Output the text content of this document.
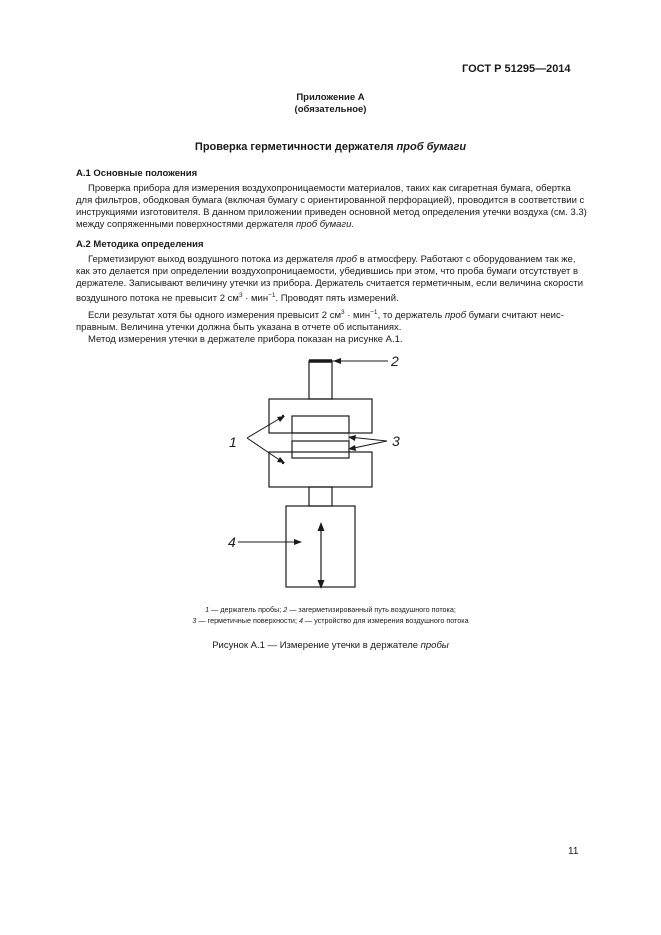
ГОСТ Р 51295—2014
Приложение А
(обязательное)
Проверка герметичности держателя проб бумаги
А.1 Основные положения
Проверка прибора для измерения воздухопроницаемости материалов, таких как сигаретная бумага, обертка
для фильтров, ободковая бумага (включая бумагу с ориентированной перфорацией), проводится в соответствии с
инструкциями изготовителя. В данном приложении приведен основной метод определения утечки воздуха (см. 3.3)
между сопряженными поверхностями держателя проб бумаги.
А.2 Методика определения
Герметизируют выход воздушного потока из держателя проб в атмосферу. Работают с оборудованием так же,
как это делается при определении воздухопроницаемости, убедившись при этом, что проба бумаги отсутствует в
держателе. Записывают величину утечки из прибора. Держатель считается герметичным, если величина скорости
воздушного потока не превысит 2 $см^3 \cdot мин^{-1}$. Проводят пять измерений.
Если результат хотя бы одного измерения превысит 2 $см^3 \cdot мин^{-1}$, то держатель проб бумаги считают неис-
правным. Величина утечки должна быть указана в отчете об испытаниях.
Метод измерения утечки в держателе прибора показан на рисунке А.1.
2
1	3
4
1 — держатель пробы; 2 — загерметизированный путь воздушного потока;
3 — герметичные поверхности; 4 — устройство для измерения воздушного потока
Рисунок А.1 — Измерение утечки в держателе пробы
11
